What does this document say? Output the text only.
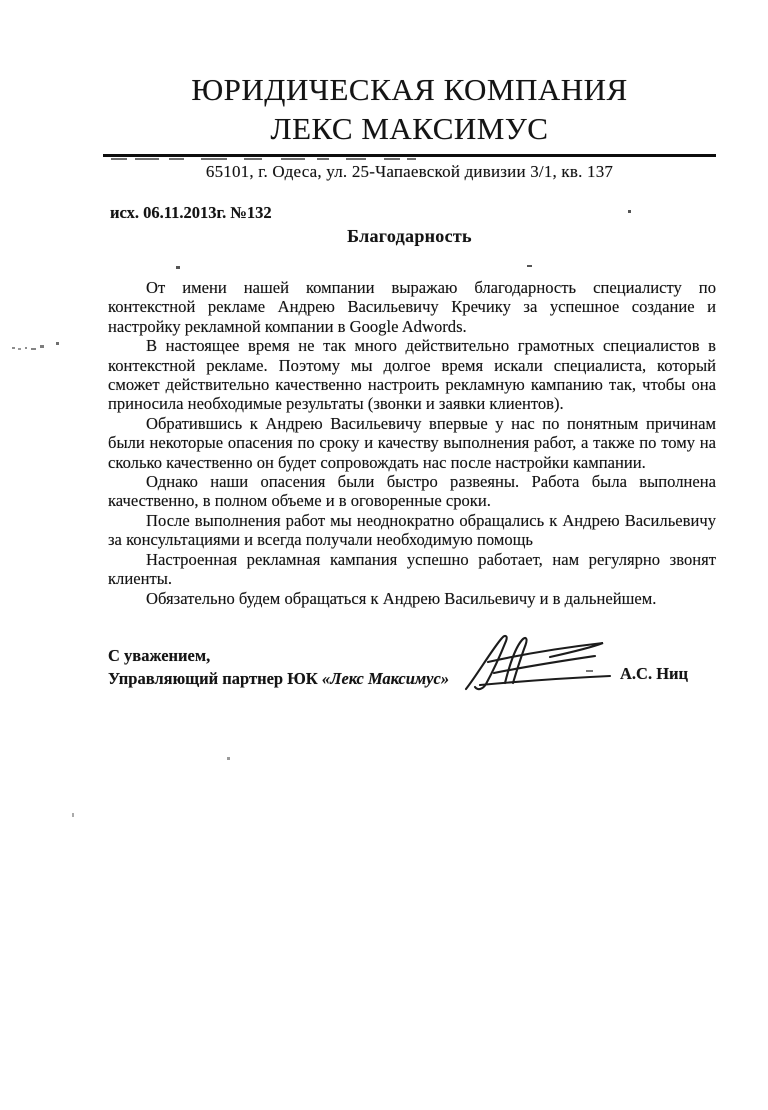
ЮРИДИЧЕСКАЯ КОМПАНИЯ
ЛЕКС МАКСИМУС
65101, г. Одеса, ул. 25-Чапаевской дивизии 3/1, кв. 137
исх. 06.11.2013г. №132
Благодарность

От имени нашей компании выражаю благодарность специалисту по контекстной рекламе Андрею Васильевичу Кречику за успешное создание и настройку рекламной компании в Google Adwords.

В настоящее время не так много действительно грамотных специалистов в контекстной рекламе. Поэтому мы долгое время искали специалиста, который сможет действительно качественно настроить рекламную кампанию так, чтобы она приносила необходимые результаты (звонки и заявки клиентов).

Обратившись к Андрею Васильевичу впервые у нас по понятным причинам были некоторые опасения по сроку и качеству выполнения работ, а также по тому на сколько качественно он будет сопровождать нас после настройки кампании.

Однако наши опасения были быстро развеяны. Работа была выполнена качественно, в полном объеме и в оговоренные сроки.

После выполнения работ мы неоднократно обращались к Андрею Васильевичу за консультациями и всегда получали необходимую помощь

Настроенная рекламная кампания успешно работает, нам регулярно звонят клиенты.

Обязательно будем обращаться к Андрею Васильевичу и в дальнейшем.

С уважением,
Управляющий партнер ЮК «Лекс Максимус»	А.С. Ниц
